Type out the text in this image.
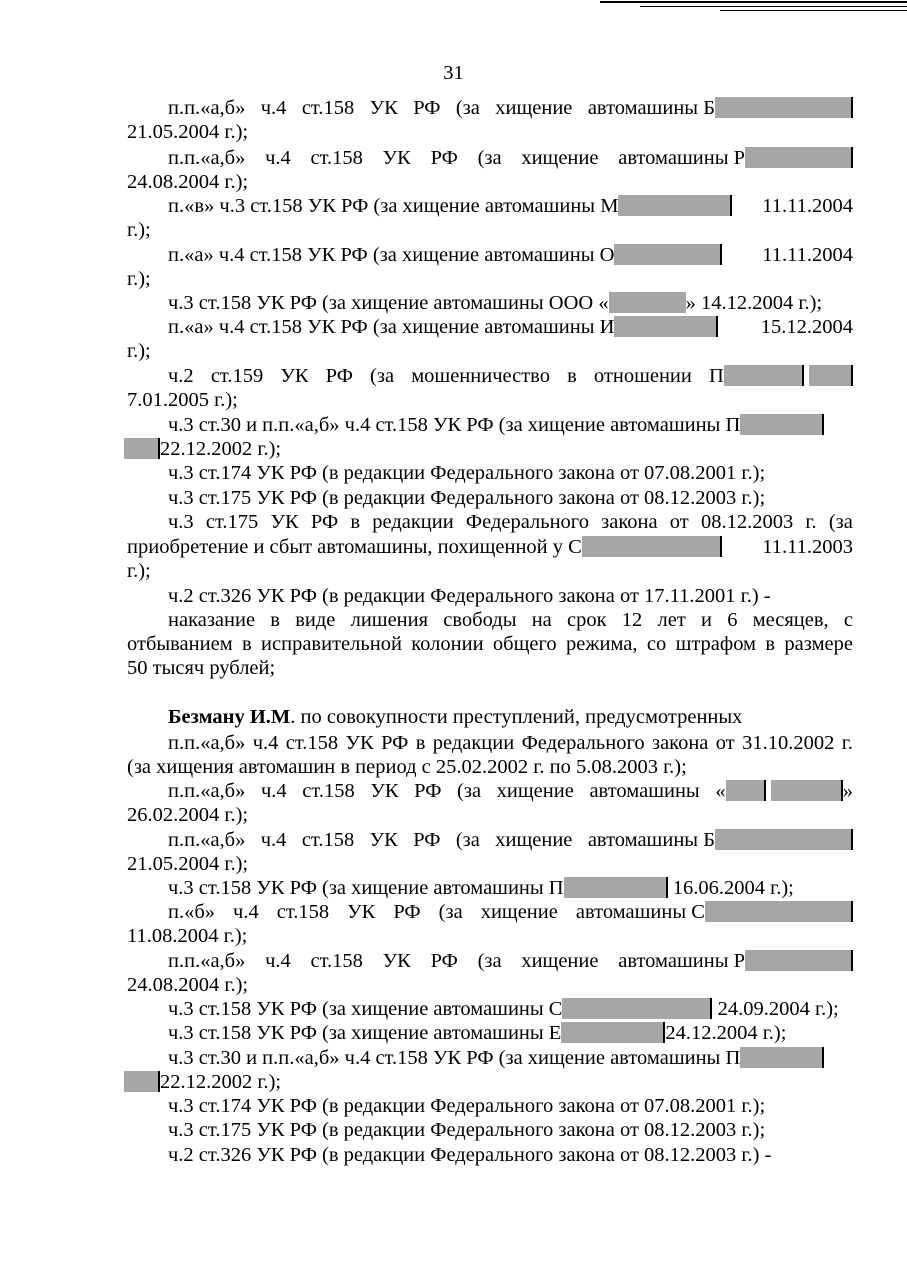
31
п.п.«а,б» ч.4 ст.158 УК РФ (за хищение автомашины Б
21.05.2004 г.);
п.п.«а,б» ч.4 ст.158 УК РФ (за хищение автомашины Р
24.08.2004 г.);
п.«в» ч.3 ст.158 УК РФ (за хищение автомашины М	11.11.2004
г.);
п.«а» ч.4 ст.158 УК РФ (за хищение автомашины О	11.11.2004
г.);
ч.3 ст.158 УК РФ (за хищение автомашины ООО «	» 14.12.2004 г.);
п.«а» ч.4 ст.158 УК РФ (за хищение автомашины И	15.12.2004
г.);
ч.2 ст.159 УК РФ (за мошенничество в отношении П
7.01.2005 г.);
ч.3 ст.30 и п.п.«а,б» ч.4 ст.158 УК РФ (за хищение автомашины П
22.12.2002 г.);
ч.3 ст.174 УК РФ (в редакции Федерального закона от 07.08.2001 г.);
ч.3 ст.175 УК РФ (в редакции Федерального закона от 08.12.2003 г.);
ч.3 ст.175 УК РФ в редакции Федерального закона от 08.12.2003 г. (за
приобретение и сбыт автомашины, похищенной у С	11.11.2003
г.);
ч.2 ст.326 УК РФ (в редакции Федерального закона от 17.11.2001 г.) -
наказание в виде лишения свободы на срок 12 лет и 6 месяцев, с
отбыванием в исправительной колонии общего режима, со штрафом в размере
50 тысяч рублей;
Безману И.М. по совокупности преступлений, предусмотренных
п.п.«а,б» ч.4 ст.158 УК РФ в редакции Федерального закона от 31.10.2002 г.
(за хищения автомашин в период с 25.02.2002 г. по 5.08.2003 г.);
п.п.«а,б» ч.4 ст.158 УК РФ (за хищение автомашины «	»
26.02.2004 г.);
п.п.«а,б» ч.4 ст.158 УК РФ (за хищение автомашины Б
21.05.2004 г.);
ч.3 ст.158 УК РФ (за хищение автомашины П	16.06.2004 г.);
п.«б» ч.4 ст.158 УК РФ (за хищение автомашины С
11.08.2004 г.);
п.п.«а,б» ч.4 ст.158 УК РФ (за хищение автомашины Р
24.08.2004 г.);
ч.3 ст.158 УК РФ (за хищение автомашины С	24.09.2004 г.);
ч.3 ст.158 УК РФ (за хищение автомашины Е	24.12.2004 г.);
ч.3 ст.30 и п.п.«а,б» ч.4 ст.158 УК РФ (за хищение автомашины П
22.12.2002 г.);
ч.3 ст.174 УК РФ (в редакции Федерального закона от 07.08.2001 г.);
ч.3 ст.175 УК РФ (в редакции Федерального закона от 08.12.2003 г.);
ч.2 ст.326 УК РФ (в редакции Федерального закона от 08.12.2003 г.) -
